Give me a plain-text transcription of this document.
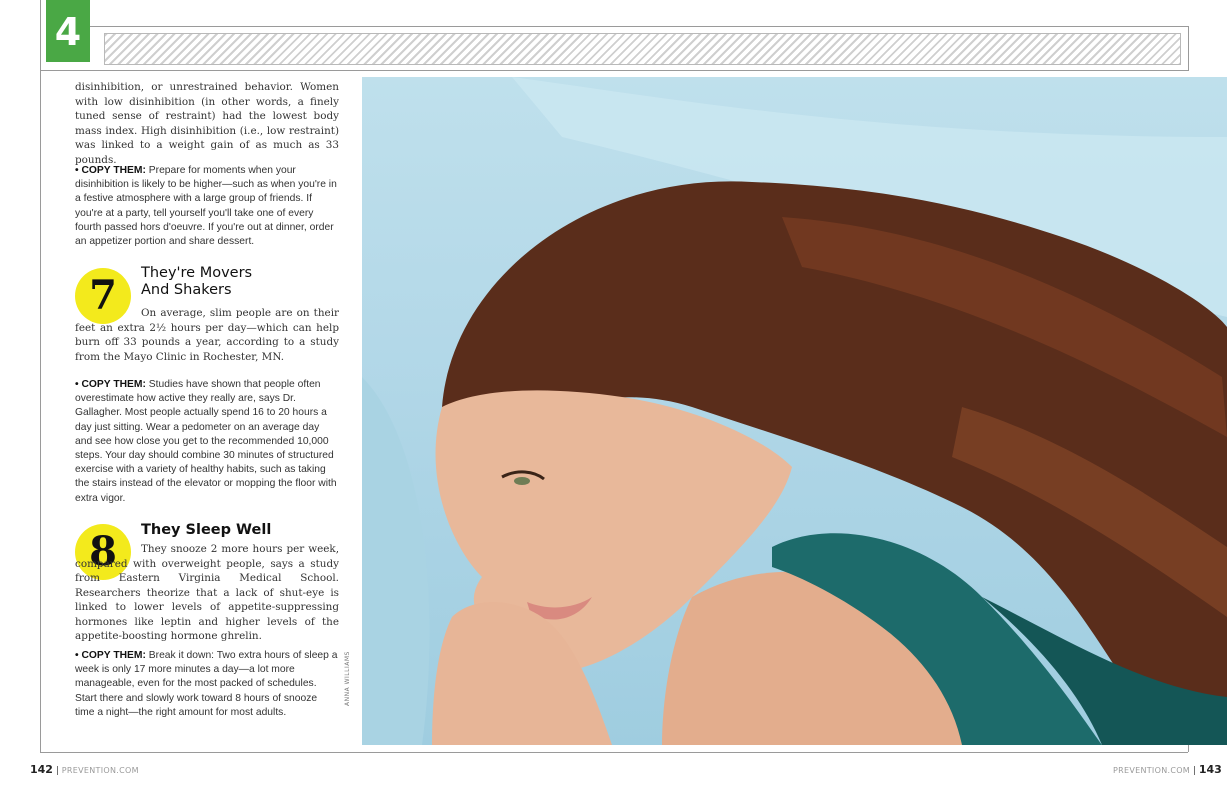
4
ANNA WILLIAMS

disinhibition, or unrestrained behavior. Women with low disinhibition (in other words, a finely tuned sense of restraint) had the lowest body mass index. High disinhibition (i.e., low restraint) was linked to a weight gain of as much as 33 pounds.

• COPY THEM: Prepare for moments when your disinhibition is likely to be higher—such as when you're in a festive atmosphere with a large group of friends. If you're at a party, tell yourself you'll take one of every fourth passed hors d'oeuvre. If you're out at dinner, order an appetizer portion and share dessert.

7	They're Movers
And Shakers

On average, slim people are on their feet an extra 2½ hours per day—which can help burn off 33 pounds a year, according to a study from the Mayo Clinic in Rochester, MN.

• COPY THEM: Studies have shown that people often overestimate how active they really are, says Dr. Gallagher. Most people actually spend 16 to 20 hours a day just sitting. Wear a pedometer on an average day and see how close you get to the recommended 10,000 steps. Your day should combine 30 minutes of structured exercise with a variety of healthy habits, such as taking the stairs instead of the elevator or mopping the floor with extra vigor.

8	They Sleep Well

They snooze 2 more hours per week, compared with overweight people, says a study from Eastern Virginia Medical School. Researchers theorize that a lack of shut-eye is linked to lower levels of appetite-suppressing hormones like leptin and higher levels of the appetite-boosting hormone ghrelin.

• COPY THEM: Break it down: Two extra hours of sleep a week is only 17 more minutes a day—a lot more manageable, even for the most packed of schedules. Start there and slowly work toward 8 hours of snooze time a night—the right amount for most adults.

142 | PREVENTION.COM	PREVENTION.COM | 143
